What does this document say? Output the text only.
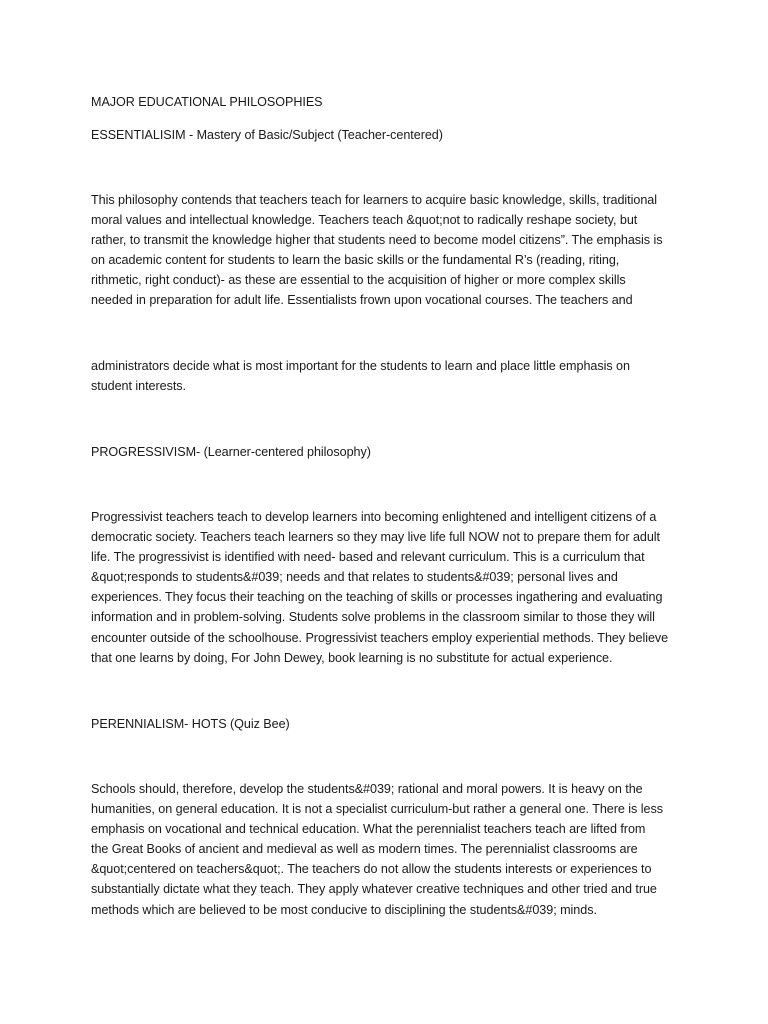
MAJOR EDUCATIONAL PHILOSOPHIES

ESSENTIALISIM - Mastery of Basic/Subject (Teacher-centered)

This philosophy contends that teachers teach for learners to acquire basic knowledge, skills, traditional
moral values and intellectual knowledge. Teachers teach &quot;not to radically reshape society, but
rather, to transmit the knowledge higher that students need to become model citizens”. The emphasis is
on academic content for students to learn the basic skills or the fundamental R’s (reading, riting,
rithmetic, right conduct)- as these are essential to the acquisition of higher or more complex skills
needed in preparation for adult life. Essentialists frown upon vocational courses. The teachers and

administrators decide what is most important for the students to learn and place little emphasis on
student interests.

PROGRESSIVISM- (Learner-centered philosophy)

Progressivist teachers teach to develop learners into becoming enlightened and intelligent citizens of a
democratic society. Teachers teach learners so they may live life full NOW not to prepare them for adult
life. The progressivist is identified with need- based and relevant curriculum. This is a curriculum that
&quot;responds to students&#039; needs and that relates to students&#039; personal lives and
experiences. They focus their teaching on the teaching of skills or processes ingathering and evaluating
information and in problem-solving. Students solve problems in the classroom similar to those they will
encounter outside of the schoolhouse. Progressivist teachers employ experiential methods. They believe
that one learns by doing, For John Dewey, book learning is no substitute for actual experience.

PERENNIALISM- HOTS (Quiz Bee)

Schools should, therefore, develop the students&#039; rational and moral powers. It is heavy on the
humanities, on general education. It is not a specialist curriculum-but rather a general one. There is less
emphasis on vocational and technical education. What the perennialist teachers teach are lifted from
the Great Books of ancient and medieval as well as modern times. The perennialist classrooms are
&quot;centered on teachers&quot;. The teachers do not allow the students interests or experiences to
substantially dictate what they teach. They apply whatever creative techniques and other tried and true
methods which are believed to be most conducive to disciplining the students&#039; minds.
